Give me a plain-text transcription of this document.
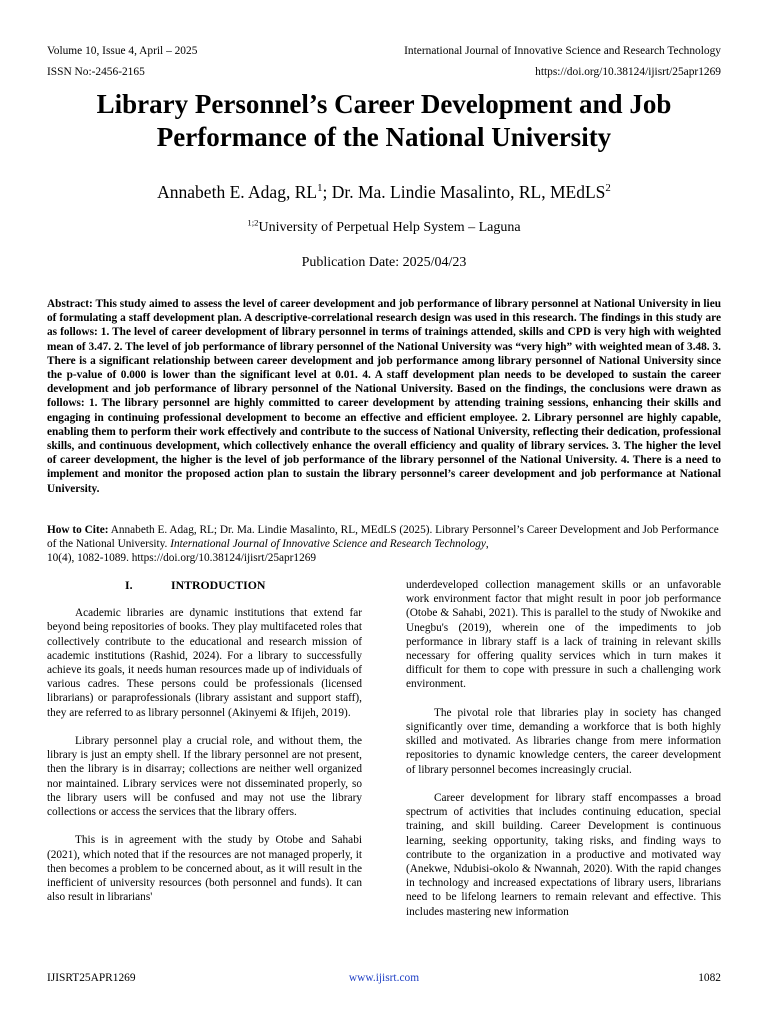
Volume 10, Issue 4, April – 2025
ISSN No:-2456-2165
International Journal of Innovative Science and Research Technology
https://doi.org/10.38124/ijisrt/25apr1269
Library Personnel’s Career Development and Job Performance of the National University
Annabeth E. Adag, $RL^1$; Dr. Ma. Lindie Masalinto, RL, MEdLS$^2$
$^{1;2}$University of Perpetual Help System – Laguna
Publication Date: 2025/04/23

Abstract: This study aimed to assess the level of career development and job performance of library personnel at National University in lieu of formulating a staff development plan. A descriptive-correlational research design was used in this research. The findings in this study are as follows: 1. The level of career development of library personnel in terms of trainings attended, skills and CPD is very high with weighted mean of 3.47. 2. The level of job performance of library personnel of the National University was “very high” with weighted mean of 3.48. 3. There is a significant relationship between career development and job performance among library personnel of National University since the p-value of 0.000 is lower than the significant level at 0.01. 4. A staff development plan needs to be developed to sustain the career development and job performance of library personnel of the National University. Based on the findings, the conclusions were drawn as follows: 1. The library personnel are highly committed to career development by attending training sessions, enhancing their skills and engaging in continuing professional development to become an effective and efficient employee. 2. Library personnel are highly capable, enabling them to perform their work effectively and contribute to the success of National University, reflecting their dedication, professional skills, and continuous development, which collectively enhance the overall efficiency and quality of library services. 3. The higher the level of career development, the higher is the level of job performance of the library personnel of the National University. 4. There is a need to implement and monitor the proposed action plan to sustain the library personnel’s career development and job performance at National University.

How to Cite: Annabeth E. Adag, RL; Dr. Ma. Lindie Masalinto, RL, MEdLS (2025). Library Personnel’s Career Development and Job Performance of the National University. International Journal of Innovative Science and Research Technology,
10(4), 1082-1089. https://doi.org/10.38124/ijisrt/25apr1269

I.	INTRODUCTION

Academic libraries are dynamic institutions that extend far beyond being repositories of books. They play multifaceted roles that collectively contribute to the educational and research mission of academic institutions (Rashid, 2024). For a library to successfully achieve its goals, it needs human resources made up of individuals of various cadres. These persons could be professionals (licensed librarians) or paraprofessionals (library assistant and support staff), they are referred to as library personnel (Akinyemi & Ifijeh, 2019).

Library personnel play a crucial role, and without them, the library is just an empty shell. If the library personnel are not present, then the library is in disarray; collections are neither well organized nor maintained. Library services were not disseminated properly, so the library users will be confused and may not use the library collections or access the services that the library offers.

This is in agreement with the study by Otobe and Sahabi (2021), which noted that if the resources are not managed properly, it then becomes a problem to be concerned about, as it will result in the inefficient of university resources (both personnel and funds). It can also result in librarians'

underdeveloped collection management skills or an unfavorable work environment factor that might result in poor job performance (Otobe & Sahabi, 2021). This is parallel to the study of Nwokike and Unegbu's (2019), wherein one of the impediments to job performance in library staff is a lack of training in relevant skills necessary for offering quality services which in turn makes it difficult for them to cope with pressure in such a challenging work environment.

The pivotal role that libraries play in society has changed significantly over time, demanding a workforce that is both highly skilled and motivated. As libraries change from mere information repositories to dynamic knowledge centers, the career development of library personnel becomes increasingly crucial.

Career development for library staff encompasses a broad spectrum of activities that includes continuing education, special training, and skill building. Career Development is continuous learning, seeking opportunity, taking risks, and finding ways to contribute to the organization in a productive and motivated way (Anekwe, Ndubisi-okolo & Nwannah, 2020). With the rapid changes in technology and increased expectations of library users, librarians need to be lifelong learners to remain relevant and effective. This includes mastering new information

IJISRT25APR1269	www.ijisrt.com	1082
